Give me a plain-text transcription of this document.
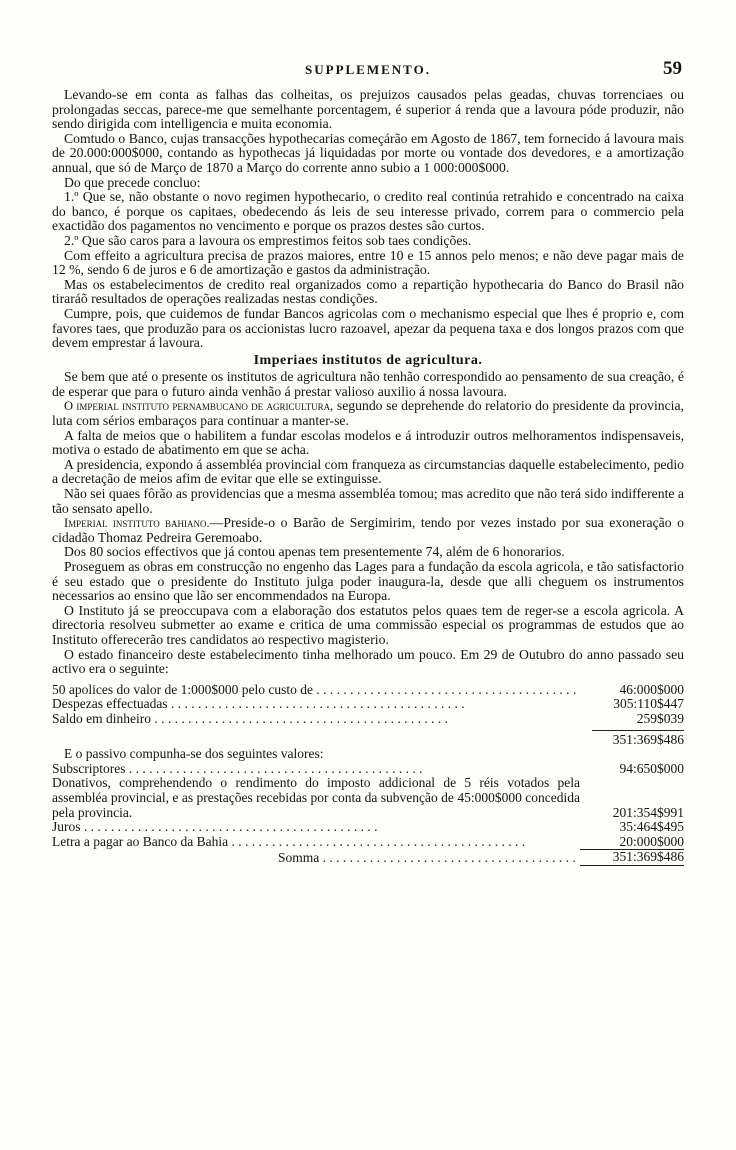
SUPPLEMENTO.	59

Levando-se em conta as falhas das colheitas, os prejuizos causados pelas geadas, chuvas torrenciaes ou prolongadas seccas, parece-me que semelhante porcentagem, é superior á renda que a lavoura póde produzir, não sendo dirigida com intelligencia e muita economia.

Comtudo o Banco, cujas transacções hypothecarias começárão em Agosto de 1867, tem fornecido á lavoura mais de 20.000:000$000, contando as hypothecas já liquidadas por morte ou vontade dos devedores, e a amortização annual, que só de Março de 1870 a Março do corrente anno subio a 1 000:000$000.

Do que precede concluo:

1.º Que se, não obstante o novo regimen hypothecario, o credito real continúa retrahido e concentrado na caixa do banco, é porque os capitaes, obedecendo ás leis de seu interesse privado, correm para o commercio pela exactidão dos pagamentos no vencimento e porque os prazos destes são curtos.

2.º Que são caros para a lavoura os emprestimos feitos sob taes condições.

Com effeito a agricultura precisa de prazos maiores, entre 10 e 15 annos pelo menos; e não deve pagar mais de 12 %, sendo 6 de juros e 6 de amortização e gastos da administração.

Mas os estabelecimentos de credito real organizados como a repartição hypothecaria do Banco do Brasil não tiraráõ resultados de operações realizadas nestas condições.

Cumpre, pois, que cuidemos de fundar Bancos agricolas com o mechanismo especial que lhes é proprio e, com favores taes, que produzão para os accionistas lucro razoavel, apezar da pequena taxa e dos longos prazos com que devem emprestar á lavoura.

Imperiaes institutos de agricultura.

Se bem que até o presente os institutos de agricultura não tenhão correspondido ao pensamento de sua creação, é de esperar que para o futuro ainda venhão á prestar valioso auxilio á nossa lavoura.

O imperial instituto pernambucano de agricultura, segundo se deprehende do relatorio do presidente da provincia, luta com sérios embaraços para continuar a manter-se.

A falta de meios que o habilitem a fundar escolas modelos e á introduzir outros melhoramentos indispensaveis, motiva o estado de abatimento em que se acha.

A presidencia, expondo á assembléa provincial com franqueza as circumstancias daquelle estabelecimento, pedio a decretação de meios afim de evitar que elle se extinguisse.

Não sei quaes fôrão as providencias que a mesma assembléa tomou; mas acredito que não terá sido indifferente a tão sensato apello.

Imperial instituto bahiano.—Preside-o o Barão de Sergimirim, tendo por vezes instado por sua exoneração o cidadão Thomaz Pedreira Geremoabo.

Dos 80 socios effectivos que já contou apenas tem presentemente 74, além de 6 honorarios.

Proseguem as obras em construcção no engenho das Lages para a fundação da escola agricola, e tão satisfactorio é seu estado que o presidente do Instituto julga poder inaugura-la, desde que alli cheguem os instrumentos necessarios ao ensino que lão ser encommendados na Europa.

O Instituto já se preoccupava com a elaboração dos estatutos pelos quaes tem de reger-se a escola agricola. A directoria resolveu submetter ao exame e critica de uma commissão especial os programmas de estudos que ao Instituto offerecerão tres candidatos ao respectivo magisterio.

O estado financeiro deste estabelecimento tinha melhorado um pouco. Em 29 de Outubro do anno passado seu activo era o seguinte:

50 apolices do valor de 1:000$000 pelo custo de . . .	46:000$000
Despezas effectuadas . . .	305:110$447
Saldo em dinheiro . . .	259$039
351:369$486

E o passivo compunha-se dos seguintes valores:

Subscriptores . . .	94:650$000
Donativos, comprehendendo o rendimento do imposto addicional de 5 réis votados pela assembléa provincial, e as prestações recebidas por conta da subvenção de 45:000$000 concedida pela provincia.	201:354$991
Juros . . .	35:464$495
Letra a pagar ao Banco da Bahia . . .	20:000$000
Somma . . .	351:369$486
